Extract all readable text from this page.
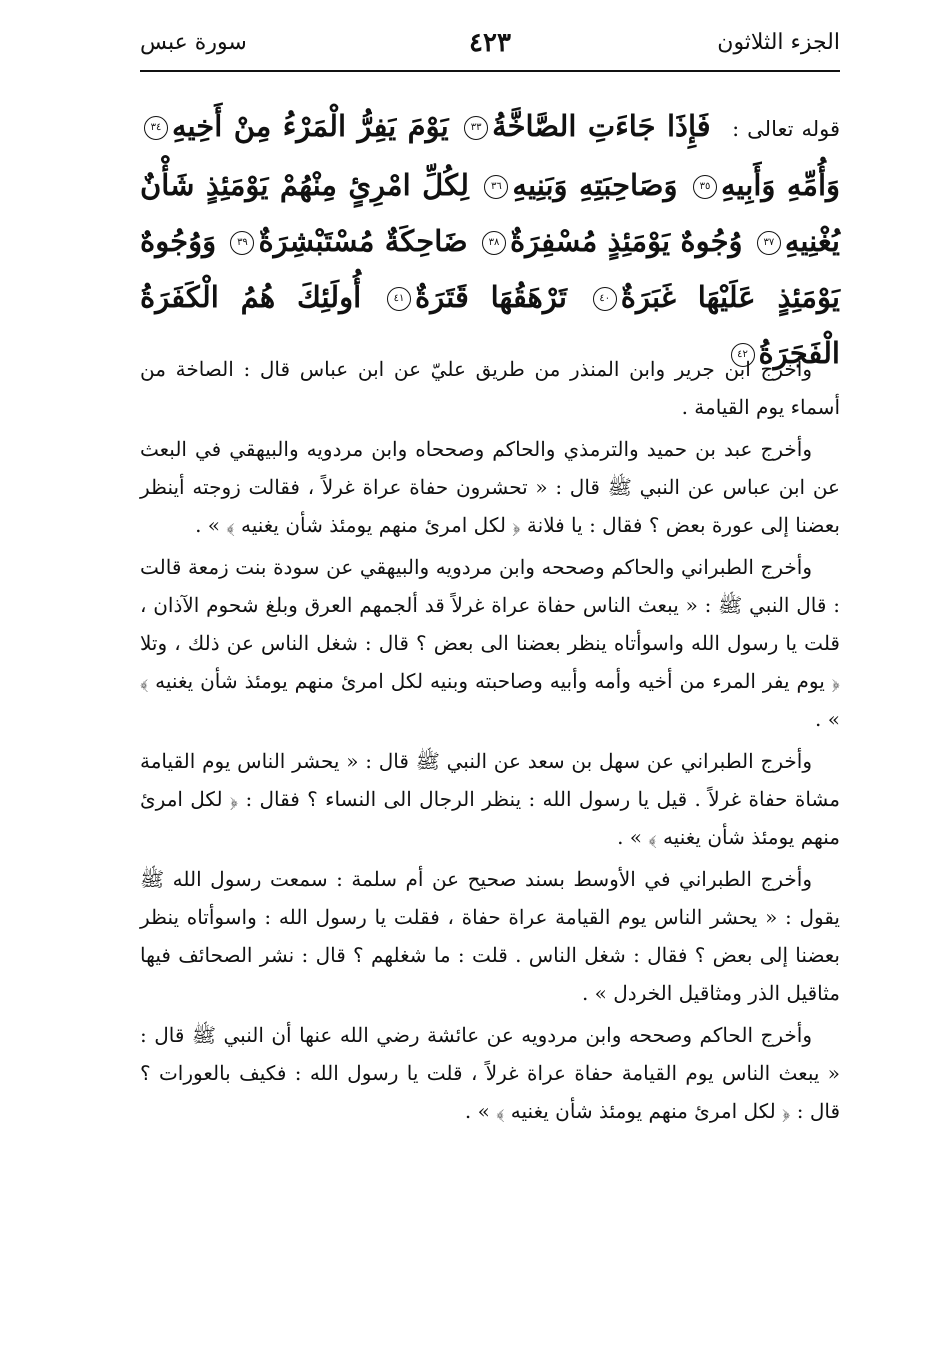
الجزء الثلاثون
٤٢٣
سورة عبس
قوله تعالى : فَإِذَا جَاءَتِ الصَّاخَّةُ٣٣ يَوْمَ يَفِرُّ الْمَرْءُ مِنْ أَخِيهِ٣٤ وَأُمِّهِ وَأَبِيهِ٣٥ وَصَاحِبَتِهِ وَبَنِيهِ٣٦ لِكُلِّ امْرِئٍ مِنْهُمْ يَوْمَئِذٍ شَأْنٌ يُغْنِيهِ٣٧ وُجُوهٌ يَوْمَئِذٍ مُسْفِرَةٌ٣٨ ضَاحِكَةٌ مُسْتَبْشِرَةٌ٣٩ وَوُجُوهٌ يَوْمَئِذٍ عَلَيْهَا غَبَرَةٌ٤٠ تَرْهَقُهَا قَتَرَةٌ٤١ أُولَئِكَ هُمُ الْكَفَرَةُ الْفَجَرَةُ٤٢

وأخرج ابن جرير وابن المنذر من طريق عليّ عن ابن عباس قال : الصاخة من أسماء يوم القيامة .

وأخرج عبد بن حميد والترمذي والحاكم وصححاه وابن مردويه والبيهقي في البعث عن ابن عباس عن النبي ﷺ قال : « تحشرون حفاة عراة غرلاً ، فقالت زوجته أينظر بعضنا إلى عورة بعض ؟ فقال : يا فلانة ﴿ لكل امرئ منهم يومئذ شأن يغنيه ﴾ » .

وأخرج الطبراني والحاكم وصححه وابن مردويه والبيهقي عن سودة بنت زمعة قالت : قال النبي ﷺ : « يبعث الناس حفاة عراة غرلاً قد ألجمهم العرق وبلغ شحوم الآذان ، قلت يا رسول الله واسوأتاه ينظر بعضنا الى بعض ؟ قال : شغل الناس عن ذلك ، وتلا ﴿ يوم يفر المرء من أخيه وأمه وأبيه وصاحبته وبنيه لكل امرئ منهم يومئذ شأن يغنيه ﴾ » .

وأخرج الطبراني عن سهل بن سعد عن النبي ﷺ قال : « يحشر الناس يوم القيامة مشاة حفاة غرلاً . قيل يا رسول الله : ينظر الرجال الى النساء ؟ فقال : ﴿ لكل امرئ منهم يومئذ شأن يغنيه ﴾ » .

وأخرج الطبراني في الأوسط بسند صحيح عن أم سلمة : سمعت رسول الله ﷺ يقول : « يحشر الناس يوم القيامة عراة حفاة ، فقلت يا رسول الله : واسوأتاه ينظر بعضنا إلى بعض ؟ فقال : شغل الناس . قلت : ما شغلهم ؟ قال : نشر الصحائف فيها مثاقيل الذر ومثاقيل الخردل » .

وأخرج الحاكم وصححه وابن مردويه عن عائشة رضي الله عنها أن النبي ﷺ قال : « يبعث الناس يوم القيامة حفاة عراة غرلاً ، قلت يا رسول الله : فكيف بالعورات ؟ قال : ﴿ لكل امرئ منهم يومئذ شأن يغنيه ﴾ » .
